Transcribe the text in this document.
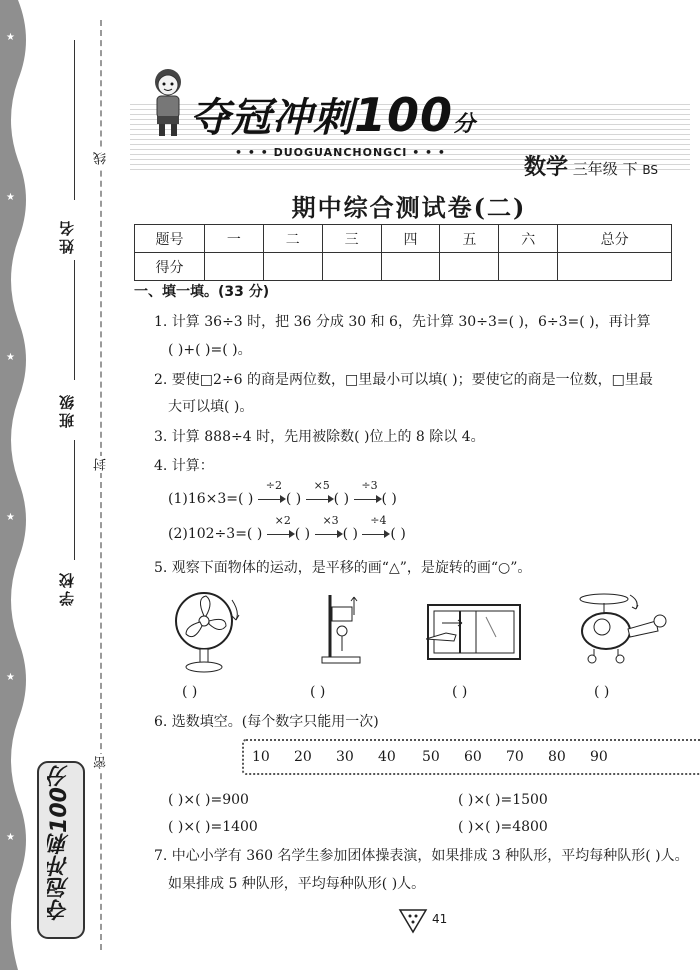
★
★
★
★
★
★
姓名
班级
学校
线
封
密
夺冠冲刺100分
夺冠冲刺100分
• • • DUOGUANCHONGCI • • •
数学 三年级 下 BS
期中综合测试卷(二)
题号	一	二	三	四	五	六	总分
得分							
一、填一填。(33 分)
1. 计算 36÷3 时，把 36 分成 30 和 6，先计算 30÷3=( )，6÷3=( )，再计算
( )+( )=( )。
2. 要使□2÷6 的商是两位数，□里最小可以填( )；要使它的商是一位数，□里最
大可以填( )。
3. 计算 888÷4 时，先用被除数( )位上的 8 除以 4。
4. 计算：
(1)16×3=( )
÷2
( )
×5
( )
÷3
( )
(2)102÷3=( )
×2
( )
×3
( )
÷4
( )
5. 观察下面物体的运动，是平移的画“△”，是旋转的画“○”。
( )	( )	( )	( )
6. 选数填空。(每个数字只能用一次)
10 20 30 40 50 60 70 80 90
( )×( )=900	( )×( )=1500
( )×( )=1400	( )×( )=4800
7. 中心小学有 360 名学生参加团体操表演，如果排成 3 种队形，平均每种队形( )人。
如果排成 5 种队形，平均每种队形( )人。
41
